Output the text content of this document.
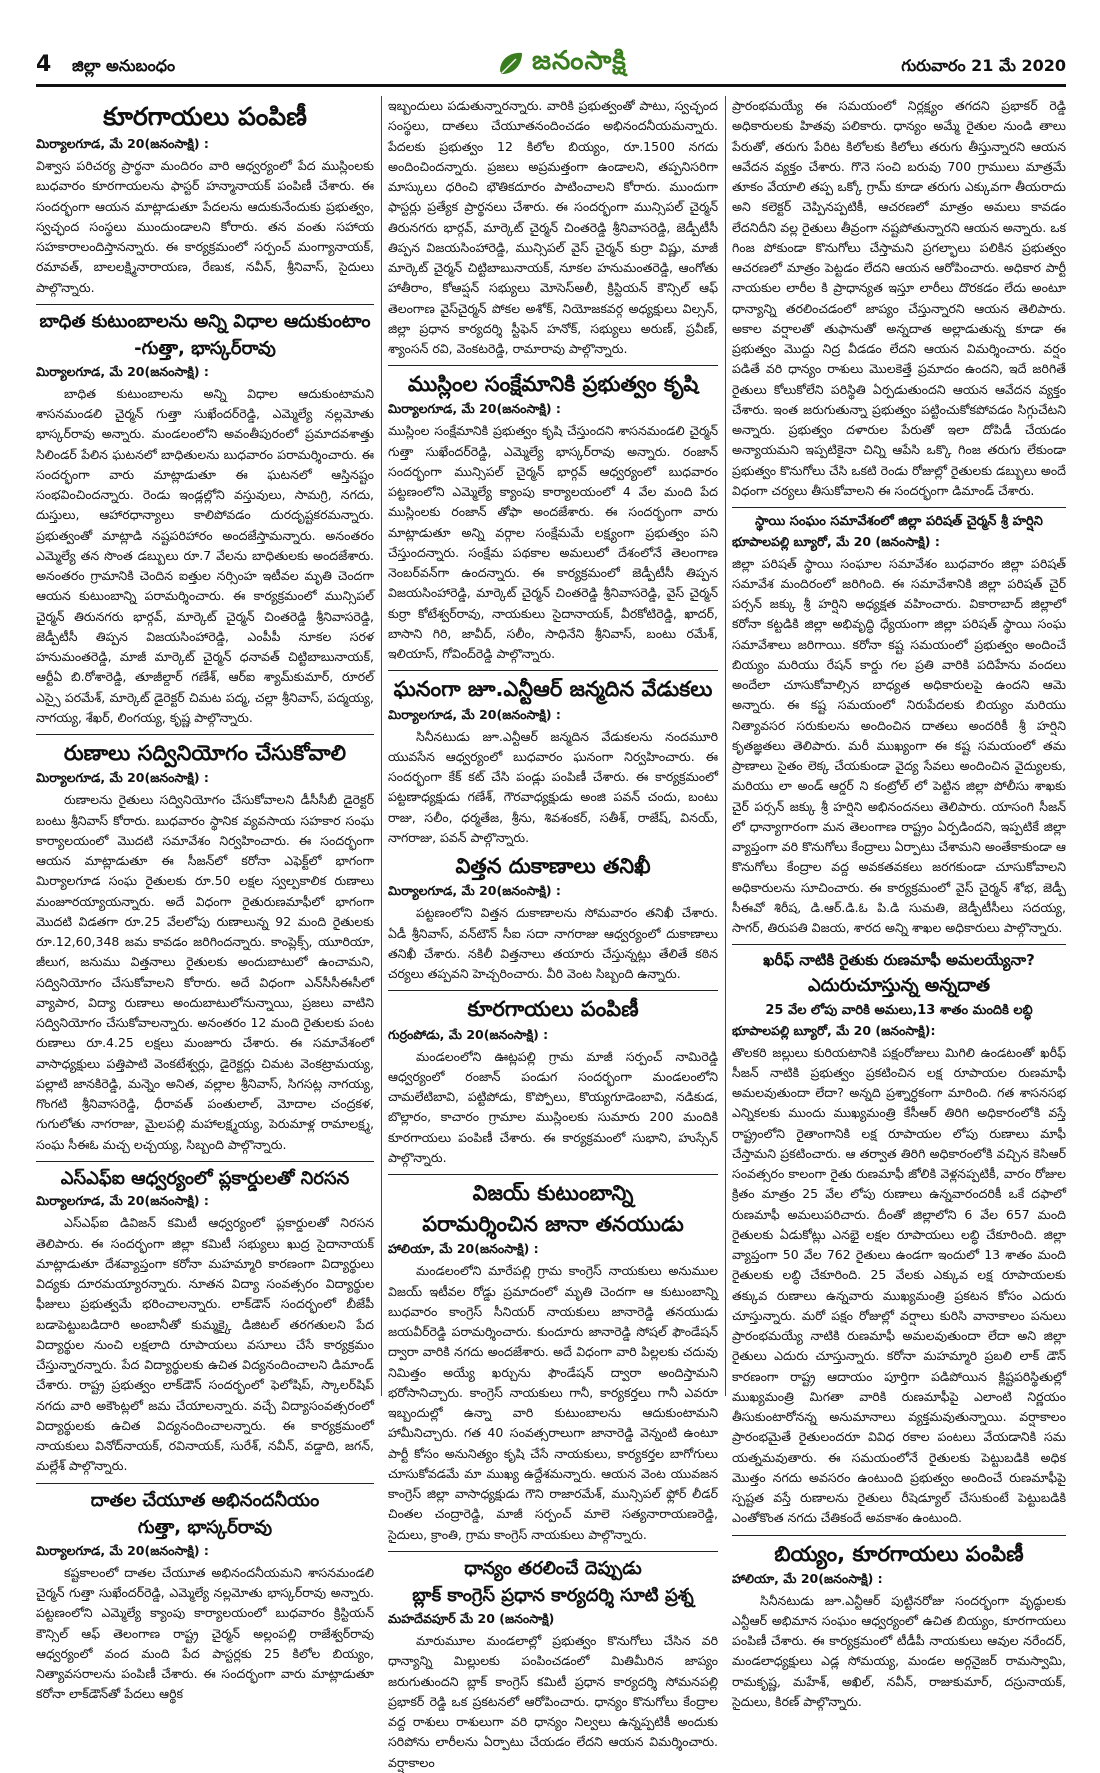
4 జిల్లా అనుబంధం	జనంసాక్షి	గురువారం 21 మే 2020
కూరగాయలు పంపిణీ
మిర్యాలగూడ, మే 20(జనంసాక్షి) :

విశ్వాస పరిచర్య ప్రార్థనా మందిరం వారి ఆధ్వర్యంలో పేద ముస్లింలకు బుధవారం కూరగాయలను ఫాస్టర్ హన్మానాయక్ పంపిణీ చేశారు. ఈ సందర్భంగా ఆయన మాట్లాడుతూ పేదలను ఆదుకునేందుకు ప్రభుత్వం, స్వచ్ఛంద సంస్థలు ముందుండాలని కోరారు. తన వంతు సహాయ సహకారాలందిస్తానన్నారు. ఈ కార్యక్రమంలో సర్పంచ్ మంగ్యానాయక్, రమావత్, బాలలక్ష్మినారాయణ, రేణుక, నవీన్, శ్రీనివాస్, సైదులు పాల్గొన్నారు.

బాధిత కుటుంబాలను అన్ని విధాల ఆదుకుంటాం
-గుత్తా, భాస్కర్‌రావు
మిర్యాలగూడ, మే 20(జనంసాక్షి) :

బాధిత కుటుంబాలను అన్ని విధాల ఆదుకుంటామని శాసనమండలి చైర్మన్ గుత్తా సుఖేందర్‌రెడ్డి, ఎమ్మెల్యే నల్లమోతు భాస్కర్‌రావు అన్నారు. మండలంలోని అవంతీపురంలో ప్రమాదవశాత్తు సిలిండర్ పేలిన ఘటనలో బాధితులను బుధవారం పరామర్శించారు. ఈ సందర్భంగా వారు మాట్లాడుతూ ఈ ఘటనలో ఆస్తినష్టం సంభవించిందన్నారు. రెండు ఇండ్లల్లోని వస్తువులు, సామగ్రి, నగదు, దుస్తులు, ఆహారధాన్యాలు కాలిపోవడం దురదృష్టకరమన్నారు. ప్రభుత్వంతో మాట్లాడి నష్టపరిహారం అందజేస్తామన్నారు. అనంతరం ఎమ్మెల్యే తన సొంత డబ్బులు రూ.7 వేలను బాధితులకు అందజేశారు. అనంతరం గ్రామానికి చెందిన ఐత్తుల నర్సింహ ఇటీవల మృతి చెందగా ఆయన కుటుంబాన్ని పరామర్శించారు. ఈ కార్యక్రమంలో మున్సిపల్ చైర్మన్ తిరునగరు భార్గవ్, మార్కెట్ చైర్మన్ చింతరెడ్డి శ్రీనివాసరెడ్డి, జెడ్పీటీసీ తిప్పన విజయసింహారెడ్డి, ఎంపీపీ నూకల సరళ హనుమంతరెడ్డి, మాజీ మార్కెట్ చైర్మన్ ధనావత్ చిట్టిబాబునాయక్, ఆర్టీఏ బి.రోశారెడ్డి, తూజీల్దార్ గణేశ్, ఆర్ఐ శ్యామ్‌కుమార్, రూరల్ ఎస్సై పరమేశ్, మార్కెట్ డైరెక్టర్ చిమట పద్మ, చల్లా శ్రీనివాస్, పద్మయ్య, నాగయ్య, శేఖర్, లింగయ్య, కృష్ణ పాల్గొన్నారు.

రుణాలు సద్వినియోగం చేసుకోవాలి
మిర్యాలగూడ, మే 20(జనంసాక్షి) :

రుణాలను రైతులు సద్వినియోగం చేసుకోవాలని డీసీసీబీ డైరెక్టర్ బంటు శ్రీనివాస్ కోరారు. బుధవారం స్థానిక వ్యవసాయ సహకార సంఘ కార్యాలయంలో మొదటి సమావేశం నిర్వహించారు. ఈ సందర్భంగా ఆయన మాట్లాడుతూ ఈ సీజన్‌లో కరోనా ఎఫెక్ట్‌లో భాగంగా మిర్యాలగూడ సంఘ రైతులకు రూ.50 లక్షల స్వల్పకాలిక రుణాలు మంజూరయ్యాయన్నారు. అదే విధంగా రైతురుణమాఫీలో భాగంగా మొదటి విడతగా రూ.25 వేలలోపు రుణాలున్న 92 మంది రైతులకు రూ.12,60,348 జమ కావడం జరిగిందన్నారు. కాంప్లెక్స్, యూరియా, జీలుగ, జనుము విత్తనాలు రైతులకు అందుబాటులో ఉంచామని, సద్వినియోగం చేసుకోవాలని కోరారు. అదే విధంగా ఎన్‌సీసీఈసీలో వ్యాపార, విద్యా రుణాలు అందుబాటులోనున్నాయి, ప్రజలు వాటిని సద్వినియోగం చేసుకోవాలన్నారు. అనంతరం 12 మంది రైతులకు పంట రుణాలు రూ.4.25 లక్షలు మంజూరు చేశారు. ఈ సమావేశంలో వాసాధ్యక్షులు పత్తిపాటి వెంకటేశ్వర్లు, డైరెక్టర్లు చిమట వెంకట్రామయ్య, పల్లాటి జానకిరెడ్డి, మన్నెం అనిత, వల్లాల శ్రీనివాస్, సిగసట్ల నాగయ్య, గొంగటి శ్రీనివాసరెడ్డి, ధీరావత్ పంతులాల్, మోదాల చంద్రకళ, గుగులోతు నాగరాజు, మైలపల్లి మహాలక్ష్మయ్య, పెరుమాళ్ల రామాలక్ష్మ, సంఘ సీఈఓ మచ్చ లచ్చయ్య, సిబ్బంది పాల్గొన్నారు.

ఎస్‌ఎఫ్ఐ ఆధ్వర్యంలో ప్లకార్డులతో నిరసన
మిర్యాలగూడ, మే 20(జనంసాక్షి) :

ఎస్ఎఫ్ఐ డివిజన్ కమిటీ ఆధ్వర్యంలో ప్లకార్డులతో నిరసన తెలిపారు. ఈ సందర్భంగా జిల్లా కమిటీ సభ్యులు ఖుద్ర సైదానాయక్ మాట్లాడుతూ దేశవ్యాప్తంగా కరోనా మహమ్మారి కారణంగా విద్యార్థులు విద్యకు దూరమయ్యారన్నారు. నూతన విద్యా సంవత్సరం విద్యార్థుల ఫీజులు ప్రభుత్వమే భరించాలన్నారు. లాక్‌డౌన్ సందర్భంలో బీజేపీ బడాపెట్టుబడిదారి అంబానీతో కుమ్మక్కై డిజిటల్ తరగతులని పేద విద్యార్థుల నుంచి లక్షలాది రూపాయలు వసూలు చేసే కార్యక్రమం చేస్తున్నారన్నారు. పేద విద్యార్థులకు ఉచిత విద్యనందించాలని డిమాండ్ చేశారు. రాష్ట్ర ప్రభుత్వం లాక్‌డౌన్ సందర్భంలో ఫెలోషిప్, స్కాలర్‌షిప్ నగదు వారి అకౌంట్లలో జమ చేయాలన్నారు. వచ్చే విద్యాసంవత్సరంలో విద్యార్థులకు ఉచిత విద్యనందించాలన్నారు. ఈ కార్యక్రమంలో నాయకులు వినోద్‌నాయక్, రవినాయక్, సురేశ్, నవీన్, వడ్డాది, జగన్, మల్లేశ్ పాల్గొన్నారు.

దాతల చేయూత అభినందనీయం
గుత్తా, భాస్కర్‌రావు
మిర్యాలగూడ, మే 20(జనంసాక్షి) :

కష్టకాలంలో దాతల చేయూత అభినందనీయమని శాసనమండలి చైర్మన్ గుత్తా సుఖేందర్‌రెడ్డి, ఎమ్మెల్యే నల్లమోతు భాస్కర్‌రావు అన్నారు. పట్టణంలోని ఎమ్మెల్యే క్యాంపు కార్యాలయంలో బుధవారం క్రిస్టియన్ కౌన్సిల్ ఆఫ్ తెలంగాణ రాష్ట్ర చైర్మన్ అల్లంపల్లి రాజేశ్వర్‌రావు ఆధ్వర్యంలో వంద మంది పేద పాస్టర్లకు 25 కిలోల బియ్యం, నిత్యావసరాలను పంపిణీ చేశారు. ఈ సందర్భంగా వారు మాట్లాడుతూ కరోనా లాక్‌డౌన్‌తో పేదలు ఆర్థిక

ఇబ్బందులు పడుతున్నారన్నారు. వారికి ప్రభుత్వంతో పాటు, స్వచ్ఛంద సంస్థలు, దాతలు చేయూతనందించడం అభినందనీయమన్నారు. పేదలకు ప్రభుత్వం 12 కిలోల బియ్యం, రూ.1500 నగదు అందించిందన్నారు. ప్రజలు అప్రమత్తంగా ఉండాలని, తప్పనిసరిగా మాస్కులు ధరించి భౌతికదూరం పాటించాలని కోరారు. ముందుగా ఫాస్టర్లు ప్రత్యేక ప్రార్థనలు చేశారు. ఈ సందర్భంగా మున్సిపల్ చైర్మన్ తిరునగరు భార్గవ్, మార్కెట్ చైర్మన్ చింతరెడ్డి శ్రీనివాసరెడ్డి, జెడ్పీటీసీ తిప్పన విజయసింహారెడ్డి, మున్సిపల్ వైస్ చైర్మన్ కుర్రా విష్ణు, మాజీ మార్కెట్ చైర్మన్ చిట్టిబాబునాయక్, నూకల హనుమంతరెడ్డి, ఆంగోతు హాతీరాం, కోఆప్షన్ సభ్యులు మోసెస్‌అలీ, క్రిస్టియన్ కౌన్సిల్ ఆఫ్ తెలంగాణ వైస్‌చైర్మన్ పోకల అశోక్, నియోజకవర్గ అధ్యక్షులు విల్సన్, జిల్లా ప్రధాన కార్యదర్శి స్టీఫెన్ హనోక్, సభ్యులు అరుణ్, ప్రవీణ్, శ్యాంసన్ రవి, వెంకటరెడ్డి, రామారావు పాల్గొన్నారు.

ముస్లింల సంక్షేమానికి ప్రభుత్వం కృషి
మిర్యాలగూడ, మే 20(జనంసాక్షి) :

ముస్లింల సంక్షేమానికి ప్రభుత్వం కృషి చేస్తుందని శాసనమండలి చైర్మన్ గుత్తా సుఖేందర్‌రెడ్డి, ఎమ్మెల్యే భాస్కర్‌రావు అన్నారు. రంజాన్ సందర్భంగా మున్సిపల్ చైర్మన్ భార్గవ్ ఆధ్వర్యంలో బుధవారం పట్టణంలోని ఎమ్మెల్యే క్యాంపు కార్యాలయంలో 4 వేల మంది పేద ముస్లింలకు రంజాన్ తోఫా అందజేశారు. ఈ సందర్భంగా వారు మాట్లాడుతూ అన్ని వర్గాల సంక్షేమమే లక్ష్యంగా ప్రభుత్వం పని చేస్తుందన్నారు. సంక్షేమ పథకాల అమలులో దేశంలోనే తెలంగాణ నెంబర్‌వన్‌గా ఉందన్నారు. ఈ కార్యక్రమంలో జెడ్పీటీసీ తిప్పన విజయసింహారెడ్డి, మార్కెట్ చైర్మన్ చింతరెడ్డి శ్రీనివాసరెడ్డి, వైస్ చైర్మన్ కుర్రా కోటేశ్వర్‌రావు, నాయకులు సైదానాయక్, వీరకోటిరెడ్డి, ఖాదర్, బాసాని గిరి, జావీద్, సలీం, సాధినేని శ్రీనివాస్, బంటు రమేశ్, ఇలియాస్, గోవింద్‌రెడ్డి పాల్గొన్నారు.

ఘనంగా జూ.ఎన్టీఆర్ జన్మదిన వేడుకలు
మిర్యాలగూడ, మే 20(జనంసాక్షి) :

సినీనటుడు జూ.ఎన్టీఆర్ జన్మదిన వేడుకలను నందమూరి యువసేన ఆధ్వర్యంలో బుధవారం ఘనంగా నిర్వహించారు. ఈ సందర్భంగా కేక్ కట్ చేసి పండ్లు పంపిణీ చేశారు. ఈ కార్యక్రమంలో పట్టణాధ్యక్షుడు గణేశ్, గౌరవాధ్యక్షుడు అంజి పవన్ చందు, బంటు రాజు, సలీం, ధర్మతేజ, శ్రీను, శివశంకర్, సతీశ్, రాజేష్, వినయ్, నాగరాజు, పవన్ పాల్గొన్నారు.

విత్తన దుకాణాలు తనిఖీ
మిర్యాలగూడ, మే 20(జనంసాక్షి) :

పట్టణంలోని విత్తన దుకాణాలను సోమవారం తనిఖీ చేశారు. ఏడీ శ్రీనివాస్, వన్‌టౌన్ సీఐ సదా నాగరాజు ఆధ్వర్యంలో దుకాణాలు తనిఖీ చేశారు. నకిలీ విత్తనాలు తయారు చేస్తున్నట్లు తేలితే కఠిన చర్యలు తప్పవని హెచ్చరించారు. వీరి వెంట సిబ్బంది ఉన్నారు.

కూరగాయలు పంపిణీ
గుర్రంపోడు, మే 20(జనంసాక్షి) :

మండలంలోని ఊట్లపల్లి గ్రామ మాజీ సర్పంచ్ నామిరెడ్డి ఆధ్వర్యంలో రంజాన్ పండుగ సందర్భంగా మండలంలోని చామలేటిబావి, పట్టిపోడు, కొప్పోలు, కొయ్యగూడెంబావి, నడికుడ, బొల్లారం, కాచారం గ్రామాల ముస్లింలకు సుమారు 200 మందికి కూరగాయలు పంపిణీ చేశారు. ఈ కార్యక్రమంలో సుభాని, హుస్సేన్ పాల్గొన్నారు.

విజయ్ కుటుంబాన్ని
పరామర్శించిన జానా తనయుడు
హాలియా, మే 20(జనంసాక్షి) :

మండలంలోని మారేపల్లి గ్రామ కాంగ్రెస్ నాయకులు అనుముల విజయ్ ఇటీవల రోడ్డు ప్రమాదంలో మృతి చెందగా ఆ కుటుంబాన్ని బుధవారం కాంగ్రెస్ సీనియర్ నాయకులు జానారెడ్డి తనయుడు జయవీర్‌రెడ్డి పరామర్శించారు. కుందూరు జానారెడ్డి సోషల్ ఫౌండేషన్ ద్వారా వారికి నగదు అందజేశారు. అదే విధంగా వారి పిల్లలకు చదువు నిమిత్తం అయ్యే ఖర్చును ఫౌండేషన్ ద్వారా అందిస్తామని భరోసానిచ్చారు. కాంగ్రెస్ నాయకులు గానీ, కార్యకర్తలు గానీ ఎవరూ ఇబ్బందుల్లో ఉన్నా వారి కుటుంబాలను ఆదుకుంటామని హామీనిచ్చారు. గత 40 సంవత్సరాలుగా జానారెడ్డి వెన్నంటి ఉంటూ పార్టీ కోసం అనునిత్యం కృషి చేసే నాయకులు, కార్యకర్తల బాగోగులు చూసుకోవడమే మా ముఖ్య ఉద్దేశమన్నారు. ఆయన వెంట యువజన కాంగ్రెస్ జిల్లా వాసాధ్యక్షుడు గౌని రాజారమేశ్, మున్సిపల్ ఫ్లోర్ లీడర్ చింతల చంద్రారెడ్డి, మాజీ సర్పంచ్ మాలె సత్యనారాయణరెడ్డి, సైదులు, క్రాంతి, గ్రామ కాంగ్రెస్ నాయకులు పాల్గొన్నారు.

ధాన్యం తరలించే దెప్పుడు
బ్లాక్ కాంగ్రెస్ ప్రధాన కార్యదర్శి సూటి ప్రశ్న
మహదేవపూర్ మే 20 (జనంసాక్షి)

మారుమూల మండలాల్లో ప్రభుత్వం కొనుగోలు చేసిన వరి ధాన్యాన్ని మిల్లులకు పంపించడంలో మితిమీరిన జాప్యం జరుగుతుందని బ్లాక్ కాంగ్రెస్ కమిటీ ప్రధాన కార్యదర్శి సోమనపల్లి ప్రభాకర్ రెడ్డి ఒక ప్రకటనలో ఆరోపించారు. ధాన్యం కొనుగోలు కేంద్రాల వద్ద రాశులు రాశులుగా వరి ధాన్యం నిల్వలు ఉన్నప్పటికీ అందుకు సరిపోను లారీలను ఏర్పాటు చేయడం లేదని ఆయన విమర్శించారు. వర్షాకాలం

ప్రారంభమయ్యే ఈ సమయంలో నిర్లక్ష్యం తగదని ప్రభాకర్ రెడ్డి అధికారులకు హితవు పలికారు. ధాన్యం అమ్మే రైతుల నుండి తాలు పేరుతో, తరుగు పేరిట కిలోలకు కిలోలు తరుగు తీస్తున్నారని ఆయన ఆవేదన వ్యక్తం చేశారు. గొనె సంచి బరువు 700 గ్రాములు మాత్రమే తూకం వేయాలి తప్ప ఒక్కో గ్రామ్ కూడా తరుగు ఎక్కువగా తీయరాదు అని కలెక్టర్ చెప్పినప్పటికీ, ఆచరణలో మాత్రం అమలు కావడం లేదనిదీని వల్ల రైతులు తీవ్రంగా నష్టపోతున్నారని ఆయన అన్నారు. ఒక గింజ పోకుండా కొనుగోలు చేస్తామని ప్రగల్భాలు పలికిన ప్రభుత్వం ఆచరణలో మాత్రం పెట్టడం లేదని ఆయన ఆరోపించారు. అధికార పార్టీ నాయకుల లారీల కి ప్రాధాన్యత ఇస్తూ లారీలు దొరకడం లేదు అంటూ ధాన్యాన్ని తరలించడంలో జాప్యం చేస్తున్నారని ఆయన తెలిపారు. అకాల వర్షాలతో తుఫానుతో అన్నదాత అల్లాడుతున్న కూడా ఈ ప్రభుత్వం మొద్దు నిద్ర వీడడం లేదని ఆయన విమర్శించారు. వర్షం పడితే వరి ధాన్యం రాశులు మొలకెత్తే ప్రమాదం ఉందని, ఇదే జరిగితే రైతులు కోలుకోలేని పరిస్థితి ఏర్పడుతుందని ఆయన ఆవేదన వ్యక్తం చేశారు. ఇంత జరుగుతున్నా ప్రభుత్వం పట్టించుకోకపోవడం సిగ్గుచేటని అన్నారు. ప్రభుత్వం దళారుల పేరుతో ఇలా దోపిడీ చేయడం అన్యాయమని ఇప్పటికైనా చిన్ని ఆపేసి ఒక్కొ గింజ తరుగు లేకుండా ప్రభుత్వం కొనుగోలు చేసి ఒకటి రెండు రోజుల్లో రైతులకు డబ్బులు అందే విధంగా చర్యలు తీసుకోవాలని ఈ సందర్భంగా డిమాండ్ చేశారు.

స్థాయి సంఘం సమావేశంలో జిల్లా పరిషత్ చైర్మన్ శ్రీ హర్షిని
భూపాలపల్లి బ్యూరో, మే 20 (జనంసాక్షి) :

జిల్లా పరిషత్ స్థాయి సంఘాల సమావేశం బుధవారం జిల్లా పరిషత్ సమావేశ మందిరంలో జరిగింది. ఈ సమావేశానికి జిల్లా పరిషత్ చైర్ పర్సన్ జక్కు శ్రీ హర్షిని అధ్యక్షత వహించారు. వికారాబాద్ జిల్లాలో కరోనా కట్టడికి జిల్లా అభివృద్ధి ధ్యేయంగా జిల్లా పరిషత్ స్థాయి సంఘ సమావేశాలు జరిగాయి. కరోనా కష్ట సమయంలో ప్రభుత్వం అందించే బియ్యం మరియు రేషన్ కార్డు గల ప్రతి వారికి పదిహేను వందలు అందేలా చూసుకోవాల్సిన బాధ్యత అధికారులపై ఉందని ఆమె అన్నారు. ఈ కష్ట సమయంలో నిరుపేదలకు బియ్యం మరియు నిత్యావసర సరుకులను అందించిన దాతలు అందరికీ శ్రీ హర్షిని కృతజ్ఞతలు తెలిపారు. మరీ ముఖ్యంగా ఈ కష్ట సమయంలో తమ ప్రాణాలు సైతం లెక్క చేయకుండా వైద్య సేవలు అందించిన వైద్యులకు, మరియు లా అండ్ ఆర్డర్ ని కంట్రోల్ లో పెట్టిన జిల్లా పోలీసు శాఖకు చైర్ పర్సన్ జక్కు శ్రీ హర్షిని అభినందనలు తెలిపారు. యాసంగి సీజన్ లో ధాన్యాగారంగా మన తెలంగాణ రాష్ట్రం ఏర్పడిందని, ఇప్పటికే జిల్లా వ్యాప్తంగా వరి కొనుగోలు కేంద్రాలు ఏర్పాటు చేశామని అంతేకాకుండా ఆ కొనుగోలు కేంద్రాల వద్ద అవకతవకలు జరగకుండా చూసుకోవాలని అధికారులను సూచించారు. ఈ కార్యక్రమంలో వైస్ చైర్మన్ శోభ, జెడ్పీ సీఈవో శిరీష, డి.ఆర్.డి.ఓ పి.డి సుమతి, జెడ్పీటీసీలు సదయ్య, సాగర్, తిరుపతి విజయ, శారద అన్ని శాఖల అధికారులు పాల్గొన్నారు.

ఖరీఫ్ నాటికి రైతుకు రుణమాఫీ అమలయ్యేనా?
ఎదురుచూస్తున్న అన్నదాత
25 వేల లోపు వారికి అమలు,13 శాతం మందికి లబ్ధి
భూపాలపల్లి బ్యూరో, మే 20 (జనంసాక్షి):

తొలకరి జల్లులు కురియటానికి పక్షంరోజులు మిగిలి ఉండటంతో ఖరీఫ్ సీజన్ నాటికి ప్రభుత్వం ప్రకటించిన లక్ష రూపాయల రుణమాఫీ అమలవుతుందా లేదా? అన్నది ప్రశ్నార్ధకంగా మారింది. గత శాసనసభ ఎన్నికలకు ముందు ముఖ్యమంత్రి కేసీఆర్ తిరిగి అధికారంలోకి వస్తే రాష్ట్రంలోని రైతాంగానికి లక్ష రూపాయల లోపు రుణాలు మాఫీ చేస్తామని ప్రకటించారు. ఆ తర్వాత తిరిగి అధికారంలోకి వచ్చిన కెసిఆర్ సంవత్సరం కాలంగా రైతు రుణమాఫీ జోలికి వెళ్లనప్పటికీ, వారం రోజుల క్రితం మాత్రం 25 వేల లోపు రుణాలు ఉన్నవారందరికీ ఒకే దఫాలో రుణమాఫీ అమలుపరిచారు. దీంతో జిల్లాలోని 6 వేల 657 మంది రైతులకు ఏడుకోట్లు ఎనభై లక్షల రూపాయలు లబ్ధి చేకూరింది. జిల్లా వ్యాప్తంగా 50 వేల 762 రైతులు ఉండగా ఇందులో 13 శాతం మంది రైతులకు లబ్ధి చేకూరింది. 25 వేలకు ఎక్కువ లక్ష రూపాయలకు తక్కువ రుణాలు ఉన్నవారు ముఖ్యమంత్రి ప్రకటన కోసం ఎదురు చూస్తున్నారు. మరో పక్షం రోజుల్లో వర్షాలు కురిసి వానాకాలం పనులు ప్రారంభమయ్యే నాటికి రుణమాఫీ అమలవుతుందా లేదా అని జిల్లా రైతులు ఎదురు చూస్తున్నారు. కరోనా మహమ్మారి ప్రబలి లాక్ డౌన్ కారణంగా రాష్ట్ర ఆదాయం పూర్తిగా పడిపోయిన క్లిష్టపరిస్థితుల్లో ముఖ్యమంత్రి మిగతా వారికి రుణమాఫీపై ఎలాంటి నిర్ణయం తీసుకుంటారోనన్న అనుమానాలు వ్యక్తమవుతున్నాయి. వర్షాకాలం ప్రారంభమైతే రైతులందరూ వివిధ రకాల పంటలు వేయడానికి సమ యత్నమవుతారు. ఈ సమయంలోనే రైతులకు పెట్టుబడికి అధిక మొత్తం నగదు అవసరం ఉంటుంది ప్రభుత్వం అందించే రుణమాఫీపై స్పష్టత వస్తే రుణాలను రైతులు రీషెడ్యూల్ చేసుకుంటే పెట్టుబడికి ఎంతోకొంత నగదు చేతికందే అవకాశం ఉంటుంది.

బియ్యం, కూరగాయలు పంపిణీ
హాలియా, మే 20(జనంసాక్షి) :

సినీనటుడు జూ.ఎన్టీఆర్ పుట్టినరోజు సందర్భంగా వృద్ధులకు ఎన్టీఆర్ అభిమాన సంఘం ఆధ్వర్యంలో ఉచిత బియ్యం, కూరగాయలు పంపిణీ చేశారు. ఈ కార్యక్రమంలో టీడీపీ నాయకులు ఆవుల నరేందర్, మండలాధ్యక్షులు ఎడ్ల సోమయ్య, మండల అర్గనైజర్ రామస్వామి, రామకృష్ణ, మహేశ్, అఖిల్, నవీన్, రాజుకుమార్, దస్రునాయక్, సైదులు, కిరణ్ పాల్గొన్నారు.
